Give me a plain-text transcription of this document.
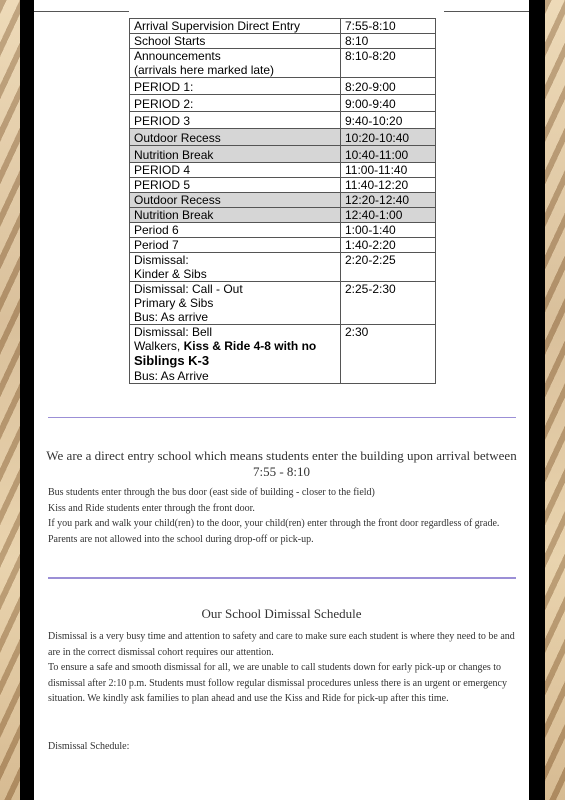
Arrival Supervision Direct Entry	7:55-8:10
School Starts	8:10

Announcements
(arrivals here marked late)	8:10-8:20
PERIOD 1:	8:20-9:00
PERIOD 2:	9:00-9:40
PERIOD 3	9:40-10:20
Outdoor Recess	10:20-10:40
Nutrition Break	10:40-11:00
PERIOD 4	11:00-11:40
PERIOD 5	11:40-12:20
Outdoor Recess	12:20-12:40
Nutrition Break	12:40-1:00
Period 6	1:00-1:40
Period 7	1:40-2:20

Dismissal:
Kinder & Sibs	2:20-2:25

Dismissal: Call - Out
Primary & Sibs
Bus: As arrive	2:25-2:30

Dismissal: Bell
Walkers, Kiss & Ride 4-8 with no
Siblings K-3
Bus: As Arrive	2:30
We are a direct entry school which means students enter the building upon arrival between 7:55 - 8:10

Bus students enter through the bus door (east side of building - closer to the field)

Kiss and Ride students enter through the front door.

If you park and walk your child(ren) to the door, your child(ren) enter through the front door regardless of grade. Parents are not allowed into the school during drop-off or pick-up.

Our School Dimissal Schedule

Dismissal is a very busy time and attention to safety and care to make sure each student is where they need to be and are in the correct dismissal cohort requires our attention.

To ensure a safe and smooth dismissal for all, we are unable to call students down for early pick-up or changes to dismissal after 2:10 p.m. Students must follow regular dismissal procedures unless there is an urgent or emergency situation. We kindly ask families to plan ahead and use the Kiss and Ride for pick-up after this time.

Dismissal Schedule:
